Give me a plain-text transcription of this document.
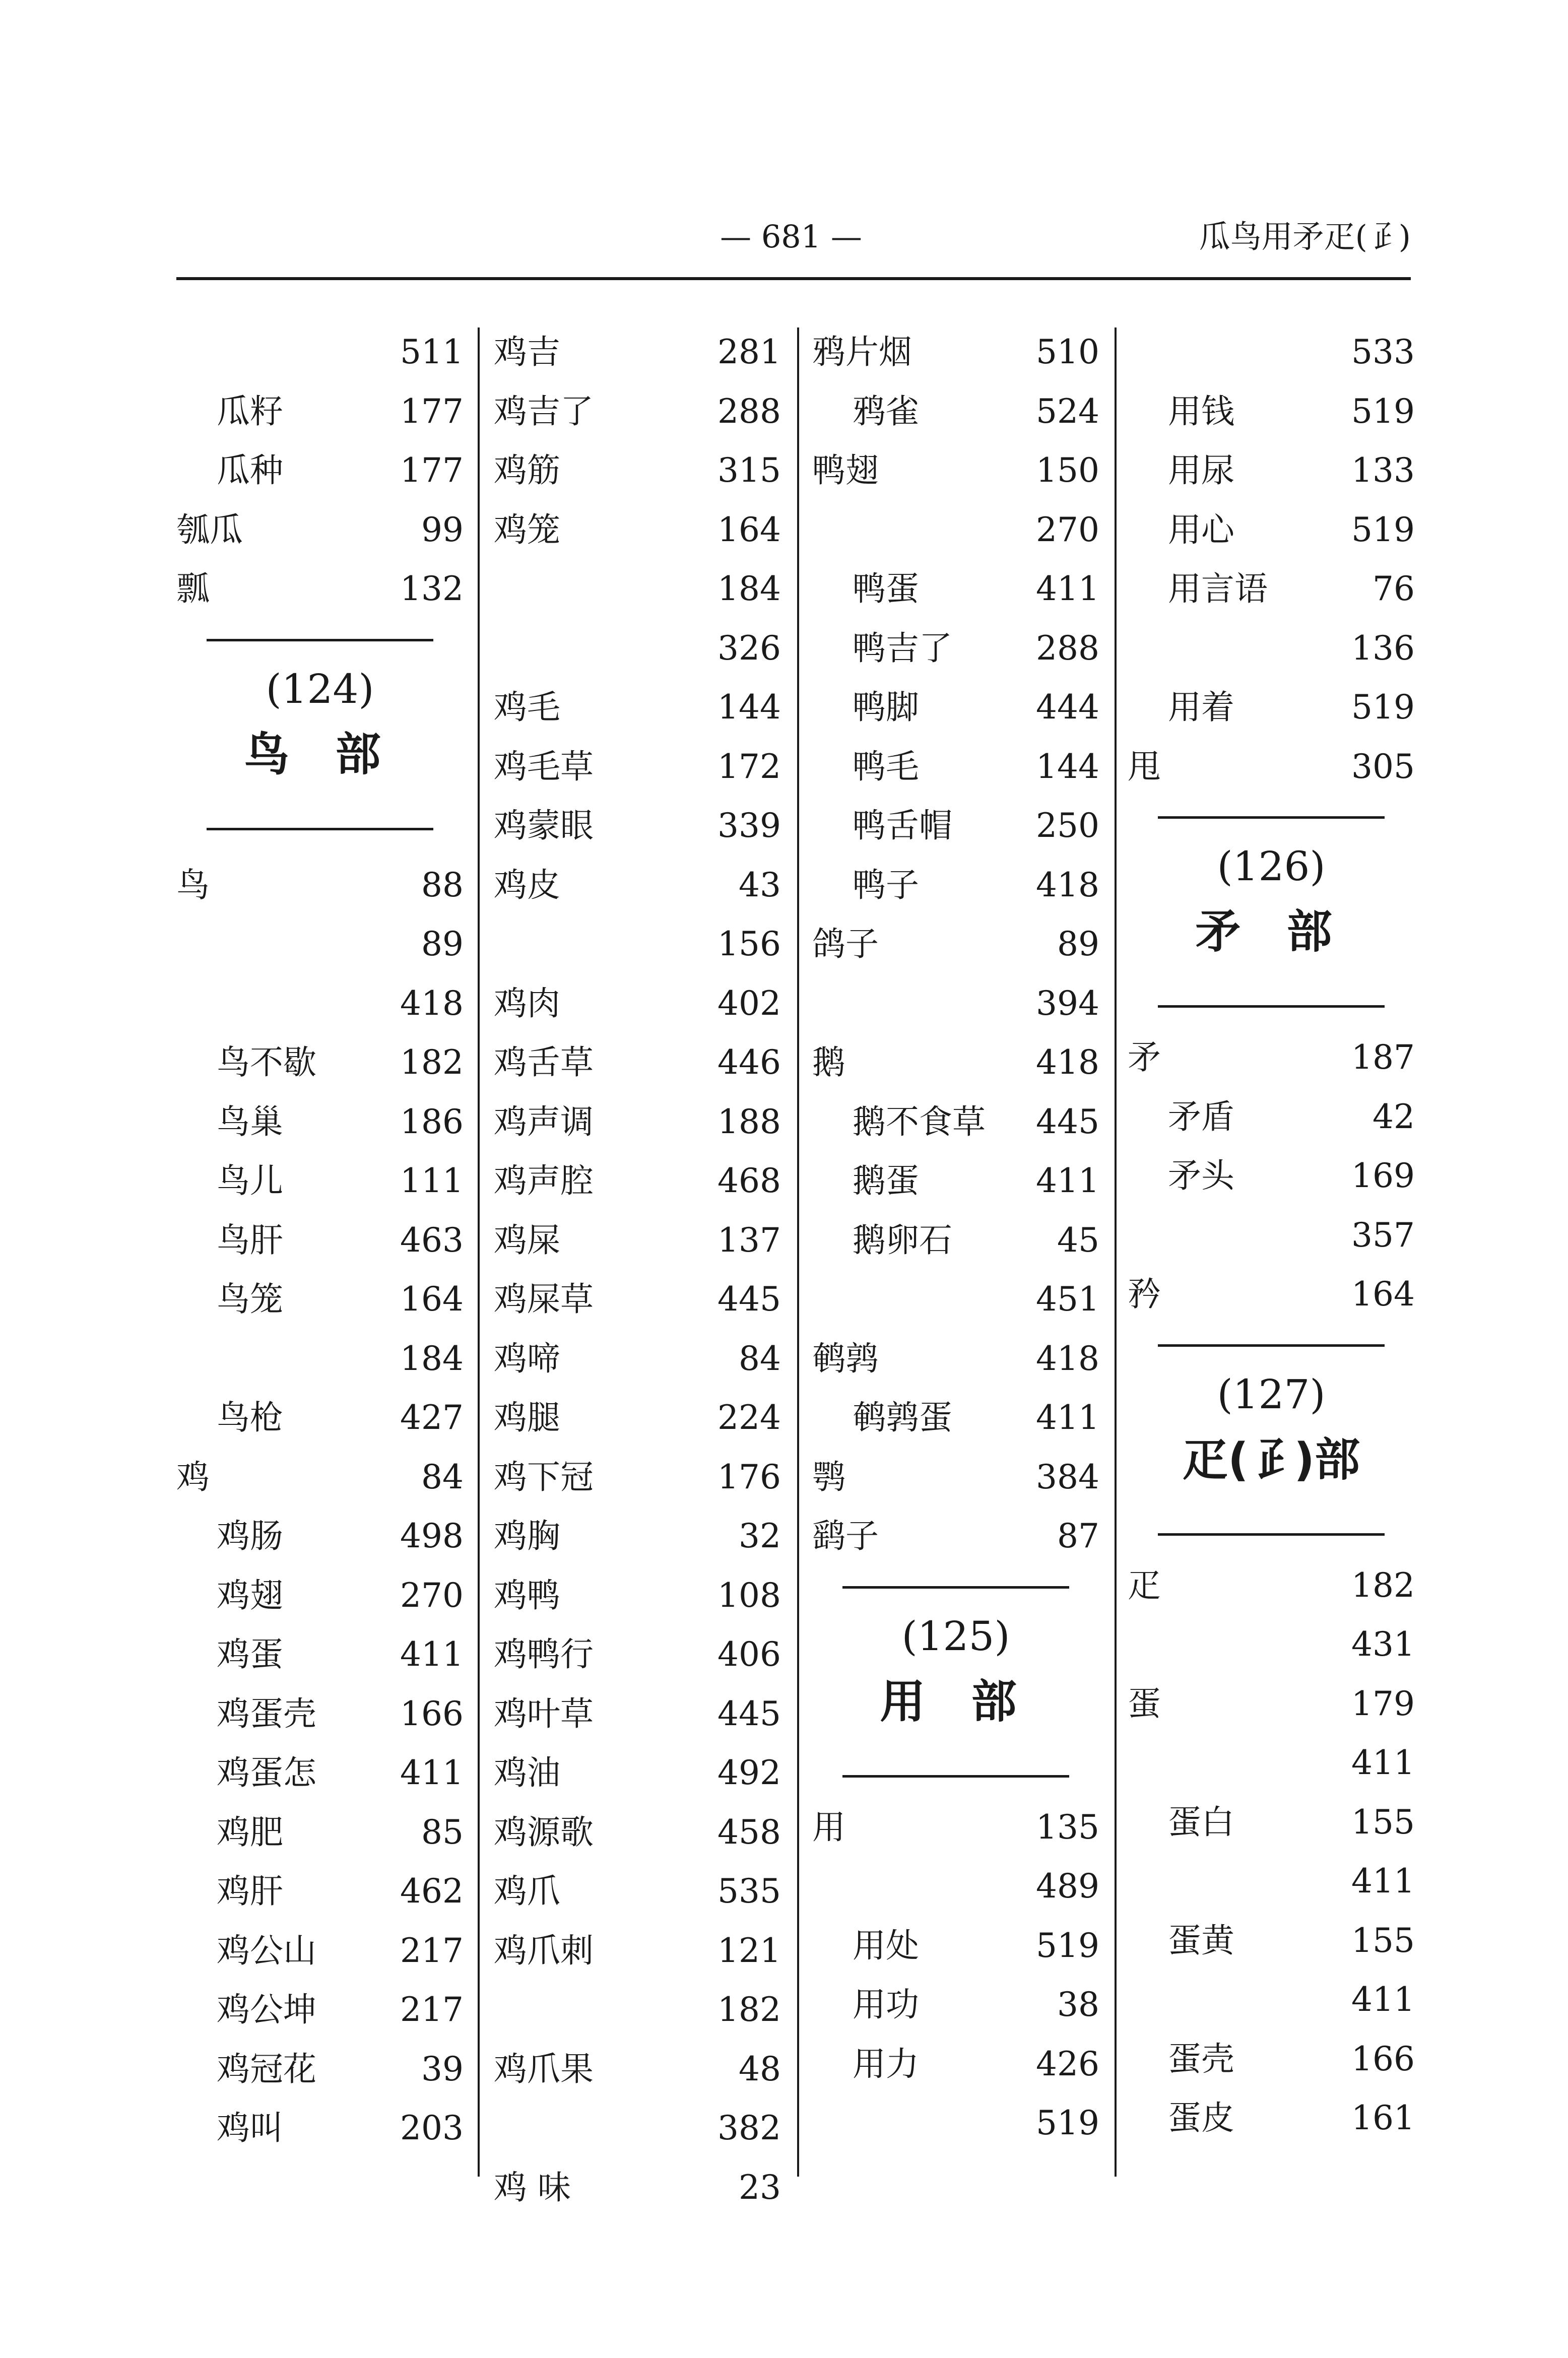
— 681 —	瓜鸟用矛疋(𤴔)
511
瓜籽	177
瓜种	177
瓠瓜	99
瓢	132
(124)
鸟 部
鸟	88
89
418
鸟不歇	182
鸟巢	186
鸟儿	111
鸟肝	463
鸟笼	164
184
鸟枪	427
鸡	84
鸡肠	498
鸡翅	270
鸡蛋	411
鸡蛋壳	166
鸡蛋怎	411
鸡肥	85
鸡肝	462
鸡公山	217
鸡公坤	217
鸡冠花	39
鸡叫	203
鸡吉	281
鸡吉了	288
鸡筋	315
鸡笼	164
184
326
鸡毛	144
鸡毛草	172
鸡蒙眼	339
鸡皮	43
156
鸡肉	402
鸡舌草	446
鸡声调	188
鸡声腔	468
鸡屎	137
鸡屎草	445
鸡啼	84
鸡腿	224
鸡下冠	176
鸡胸	32
鸡鸭	108
鸡鸭行	406
鸡叶草	445
鸡油	492
鸡源歌	458
鸡爪	535
鸡爪刺	121
182
鸡爪果	48
382
鸡 味	23
鸦片烟	510
鸦雀	524
鸭翅	150
270
鸭蛋	411
鸭吉了	288
鸭脚	444
鸭毛	144
鸭舌帽	250
鸭子	418
鸽子	89
394
鹅	418
鹅不食草 445
鹅蛋	411
鹅卵石	45
451
鹌鹑	418
鹌鹑蛋	411
鹗	384
鹞子	87
(125)
用 部
用	135
489
用处	519
用功	38
用力	426
519
533
用钱	519
用尿	133
用心	519
用言语	76
136
用着	519
甩	305
(126)
矛 部
矛	187
矛盾	42
矛头	169
357
矜	164
(127)
疋(𤴔)部
疋	182
431
蛋	179
411
蛋白	155
411
蛋黄	155
411
蛋壳	166
蛋皮	161
